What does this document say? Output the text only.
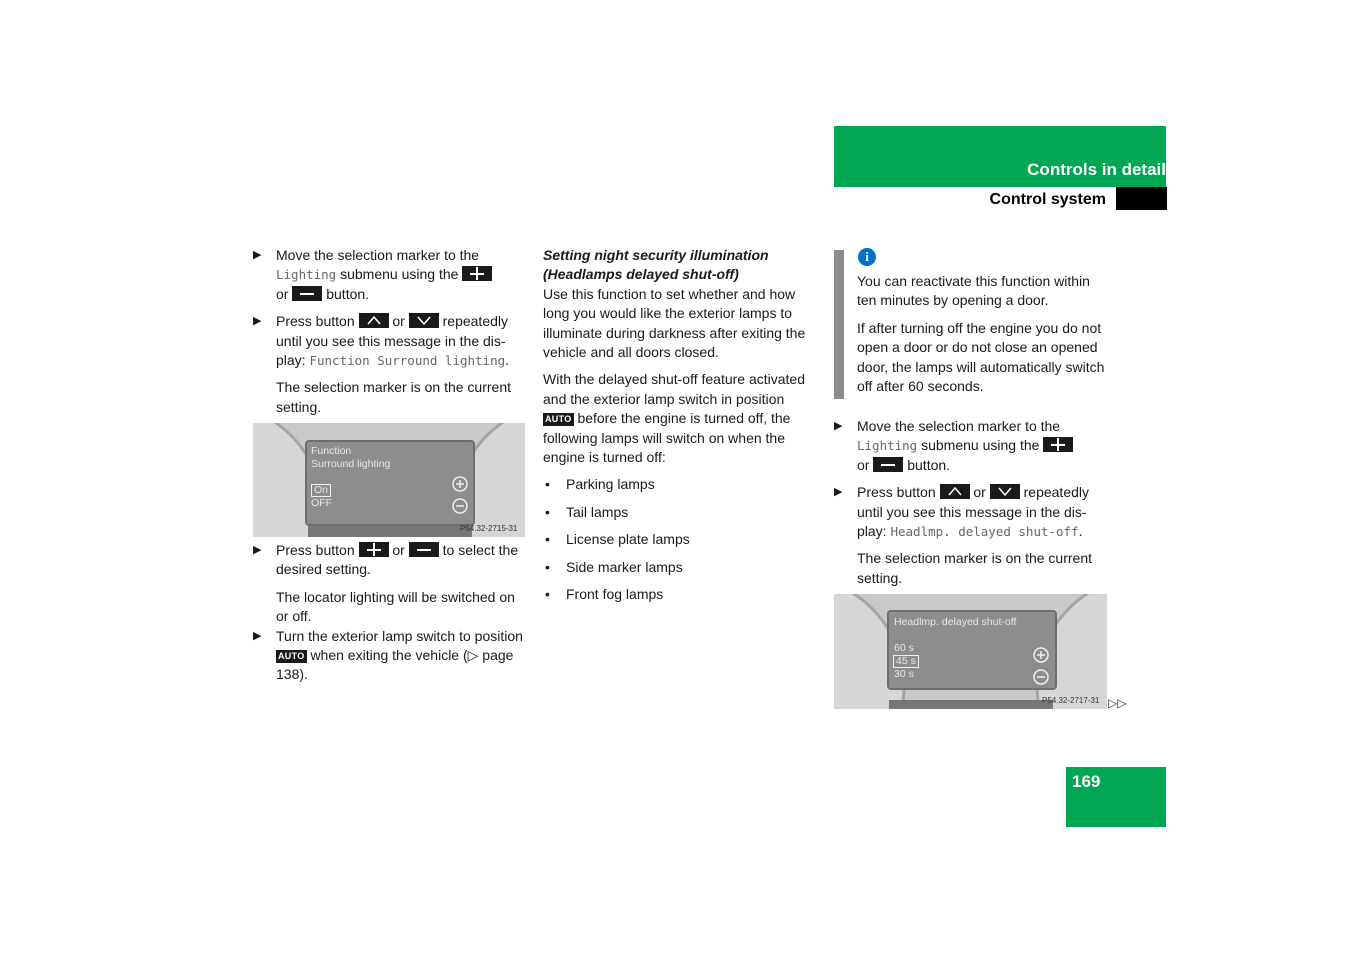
Controls in detail
Control system
▶ Move the selection marker to the
Lighting submenu using the
or	button.
▶ Press button	or	repeatedly until you see this message in the dis-play: Function Surround lighting.

The selection marker is on the current setting.

Function
Surround lighting
On
OFF
P54.32-2715-31
▶ Press button	or	to select the desired setting.

The locator lighting will be switched on or off.

▶ Turn the exterior lamp switch to position AUTO when exiting the vehicle (▷ page 138).

Setting night security illumination (Headlamps delayed shut-off)

Use this function to set whether and how long you would like the exterior lamps to illuminate during darkness after exiting the vehicle and all doors closed.

With the delayed shut-off feature activated and the exterior lamp switch in position AUTO before the engine is turned off, the following lamps will switch on when the engine is turned off:

• Parking lamps
• Tail lamps
• License plate lamps
• Side marker lamps
• Front fog lamps
i

You can reactivate this function within ten minutes by opening a door.

If after turning off the engine you do not open a door or do not close an opened door, the lamps will automatically switch off after 60 seconds.

▶ Move the selection marker to the
Lighting submenu using the
or	button.
▶ Press button	or	repeatedly until you see this message in the dis-play: Headlmp. delayed shut-off.

The selection marker is on the current setting.

Headlmp. delayed shut-off
60 s
45 s
30 s
P54.32-2717-31 ▷▷
169
